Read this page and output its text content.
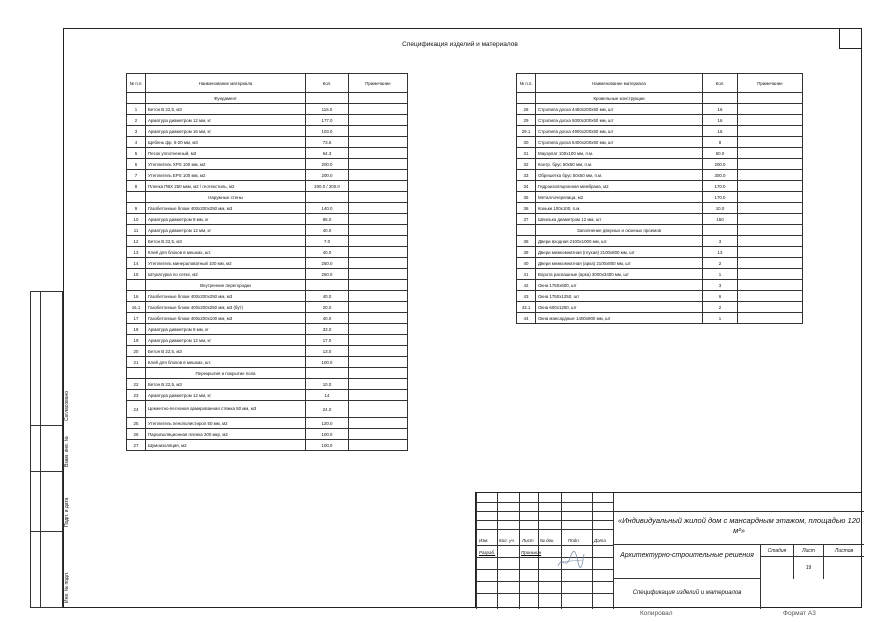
Спецификация изделий и материалов
№ п.п.	Наименование материала	Кол.	Примечание
	Фундамент		
1	Бетон В 22,5, м3	115.0	
2	Арматура диаметром 12 мм, кг	177.0	
3	Арматура диаметром 16 мм, кг	103.0	
4	Щебень фр. 5-20 мм, м3	73.6	
5	Песок уплотненный, м3	64.3	
6	Утеплитель XPS 100 мм, м2	200.0	
7	Утеплитель EPS 100 мм, м2	200.0	
8	Пленка ПВХ 250 мкм, м2 / геотекстиль, м2	200.0 / 200.0	
	Наружные стены		
9	Газобетонные блоки 400х200х250 мм, м3	140.0	
10	Арматура диаметром 8 мм, кг	86.0	
11	Арматура диаметром 12 мм, кг	40.0	
12	Бетон В 22,5, м3	7.0	
13	Клей для блоков в мешках, шт.	40.0	
14	Утеплитель минераловатный 100 мм, м2	250.0	
15	Штукатурка по сетке, м2	250.0	
	Внутренние перегородки		
16	Газобетонные блоки 400х200х250 мм, м3	40.0	
16.1	Газобетонные блоки 400х200х250 мм, м3 (бут)	20.0	
17	Газобетонные блоки 400х200х100 мм, м3	40.0	
18	Арматура диаметром 8 мм, кг	33.0	
19	Арматура диаметром 12 мм, кг	17.0	
20	Бетон В 22,5, м3	13.0	
21	Клей для блоков в мешках, шт.	100.0	
	Перекрытия и покрытие пола		
22	Бетон В 22,5, м3	10.0	
23	Арматура диаметром 12 мм, кг	14	
24	Цементно-песчаная армированная стяжка 50 мм, м3	24.0	
25	Утеплитель пенополистирол 50 мм, м2	120.0	
26	Пароизоляционная пленка 200 мкр, м2	100.0	
27	Шумоизоляция, м2	100.0	
№ п.п.	Наименование материала	Кол.	Примечание
	Кровельные конструкции		
28	Стропила доска 4450х200х50 мм, шт	16	
29	Стропила доска 5000х200х50 мм, шт	16	
29.1	Стропила доска 4900х200х50 мм, шт	16	
30	Стропила доска 5400х200х50 мм, шт	8	
31	Мауэрлат 100х100 мм, п.м.	50.0	
32	Контр. брус 50х50 мм, п.м.	200.0	
33	Обрешетка брус 50х50 мм, п.м.	300.0	
34	Гидроизоляционная мембрана, м2	170.0	
35	Металлочерепица, м2	170.0	
36	Коньки 100х100, п.м.	10.0	
37	Шпилька диаметром 12 мм, шт	150	
	Заполнение дверных и оконных проемов		
38	Двери входная 2100х1000 мм, шт.	3	
39	Двери межкомнатная (глухая) 2100х800 мм, шт	13	
40	Двери межкомнатная (арка) 2100х800 мм, шт	2	
41	Ворота распашные (арка) 3000х3400 мм, шт	1	
42	Окна 1750х600, шт	3	
43	Окна 1750х1250, шт	6	
43.1	Окна 600х1250, шт	2	
44	Окна мансардные 1400х900 мм, шт	1	
Согласовано
Взам. инв. №
Подп. и дата
Инв. № подл.
Изм. Кол. уч. Лист № док.	Подп.	Дата
Разраб.	Пронькин
«Индивидуальный жилой дом с мансардным этажом, площадью 120 м²»
Архитектурно-строительные решения
Спецификация изделий и материалов
Стадия	Лист	Листов
19
Копировал	Формат А3
